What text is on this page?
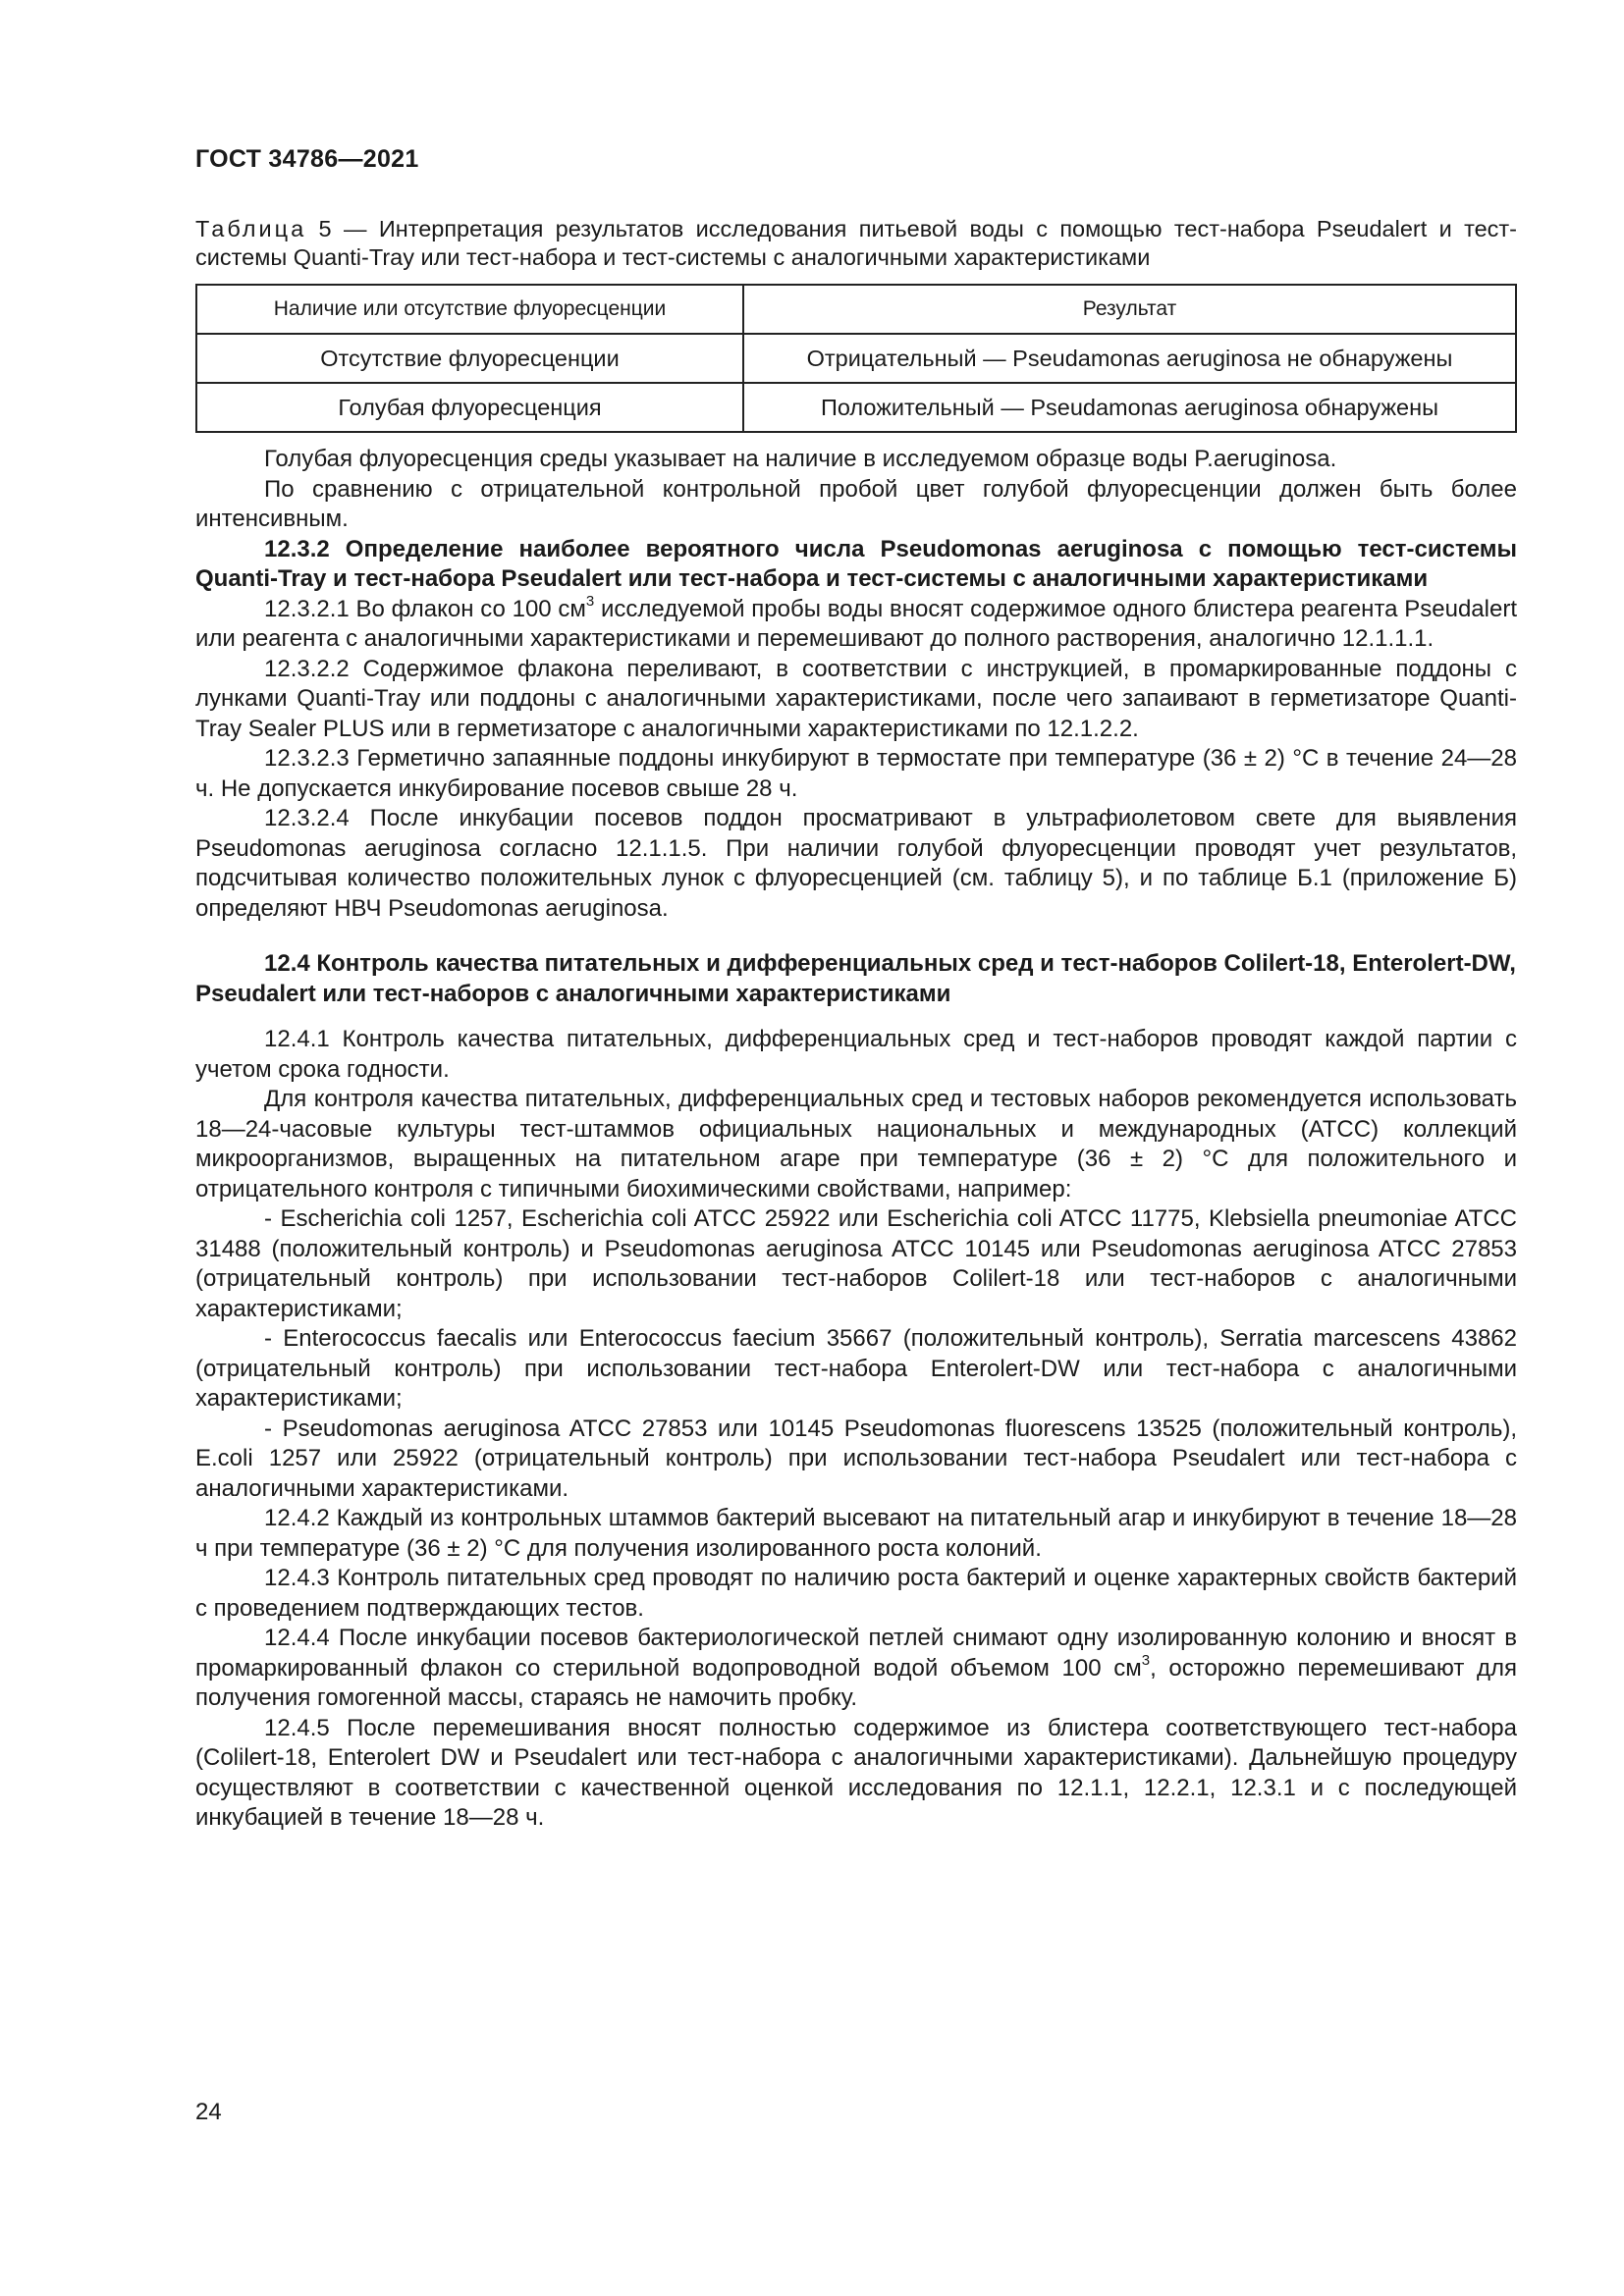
ГОСТ 34786—2021
Таблица 5 — Интерпретация результатов исследования питьевой воды с помощью тест-набора Pseudalert и тест-системы Quanti-Tray или тест-набора и тест-системы с аналогичными характеристиками
Наличие или отсутствие флуоресценции	Результат
Отсутствие флуоресценции	Отрицательный — Pseudamonas aeruginosa не обнаружены
Голубая флуоресценция	Положительный — Pseudamonas aeruginosa обнаружены

Голубая флуоресценция среды указывает на наличие в исследуемом образце воды P.aeruginosa.

По сравнению с отрицательной контрольной пробой цвет голубой флуоресценции должен быть более интенсивным.

12.3.2 Определение наиболее вероятного числа Pseudomonas aeruginosa с помощью тест-системы Quanti-Tray и тест-набора Pseudalert или тест-набора и тест-системы с аналогичными характеристиками

12.3.2.1 Во флакон со 100 $см^3$ исследуемой пробы воды вносят содержимое одного блистера реагента Pseudalert или реагента с аналогичными характеристиками и перемешивают до полного растворения, аналогично 12.1.1.1.

12.3.2.2 Содержимое флакона переливают, в соответствии с инструкцией, в промаркированные поддоны с лунками Quanti-Tray или поддоны с аналогичными характеристиками, после чего запаивают в герметизаторе Quanti-Tray Sealer PLUS или в герметизаторе с аналогичными характеристиками по 12.1.2.2.

12.3.2.3 Герметично запаянные поддоны инкубируют в термостате при температуре (36 ± 2) °С в течение 24—28 ч. Не допускается инкубирование посевов свыше 28 ч.

12.3.2.4 После инкубации посевов поддон просматривают в ультрафиолетовом свете для выявления Pseudomonas aeruginosa согласно 12.1.1.5. При наличии голубой флуоресценции проводят учет результатов, подсчитывая количество положительных лунок с флуоресценцией (см. таблицу 5), и по таблице Б.1 (приложение Б) определяют НВЧ Pseudomonas aeruginosa.

12.4 Контроль качества питательных и дифференциальных сред и тест-наборов Colilert-18, Enterolert-DW, Pseudalert или тест-наборов с аналогичными характеристиками

12.4.1 Контроль качества питательных, дифференциальных сред и тест-наборов проводят каждой партии с учетом срока годности.

Для контроля качества питательных, дифференциальных сред и тестовых наборов рекомендуется использовать 18—24-часовые культуры тест-штаммов официальных национальных и международных (АТСС) коллекций микроорганизмов, выращенных на питательном агаре при температуре (36 ± 2) °С для положительного и отрицательного контроля с типичными биохимическими свойствами, например:

- Escherichia coli 1257, Escherichia coli ATCC 25922 или Escherichia coli ATCC 11775, Klebsiella pneumoniae ATCC 31488 (положительный контроль) и Pseudomonas aeruginosa ATCC 10145 или Pseudomonas aeruginosa ATCC 27853 (отрицательный контроль) при использовании тест-наборов Colilert-18 или тест-наборов с аналогичными характеристиками;

- Enterococcus faecalis или Enterococcus faecium 35667 (положительный контроль), Serratia marcescens 43862 (отрицательный контроль) при использовании тест-набора Enterolert-DW или тест-набора с аналогичными характеристиками;

- Pseudomonas aeruginosa ATCC 27853 или 10145 Pseudomonas fluorescens 13525 (положительный контроль), E.coli 1257 или 25922 (отрицательный контроль) при использовании тест-набора Pseudalert или тест-набора с аналогичными характеристиками.

12.4.2 Каждый из контрольных штаммов бактерий высевают на питательный агар и инкубируют в течение 18—28 ч при температуре (36 ± 2) °С для получения изолированного роста колоний.

12.4.3 Контроль питательных сред проводят по наличию роста бактерий и оценке характерных свойств бактерий с проведением подтверждающих тестов.

12.4.4 После инкубации посевов бактериологической петлей снимают одну изолированную колонию и вносят в промаркированный флакон со стерильной водопроводной водой объемом 100 $см^3$, осторожно перемешивают для получения гомогенной массы, стараясь не намочить пробку.

12.4.5 После перемешивания вносят полностью содержимое из блистера соответствующего тест-набора (Colilert-18, Enterolert DW и Pseudalert или тест-набора с аналогичными характеристиками). Дальнейшую процедуру осуществляют в соответствии с качественной оценкой исследования по 12.1.1, 12.2.1, 12.3.1 и с последующей инкубацией в течение 18—28 ч.

24
